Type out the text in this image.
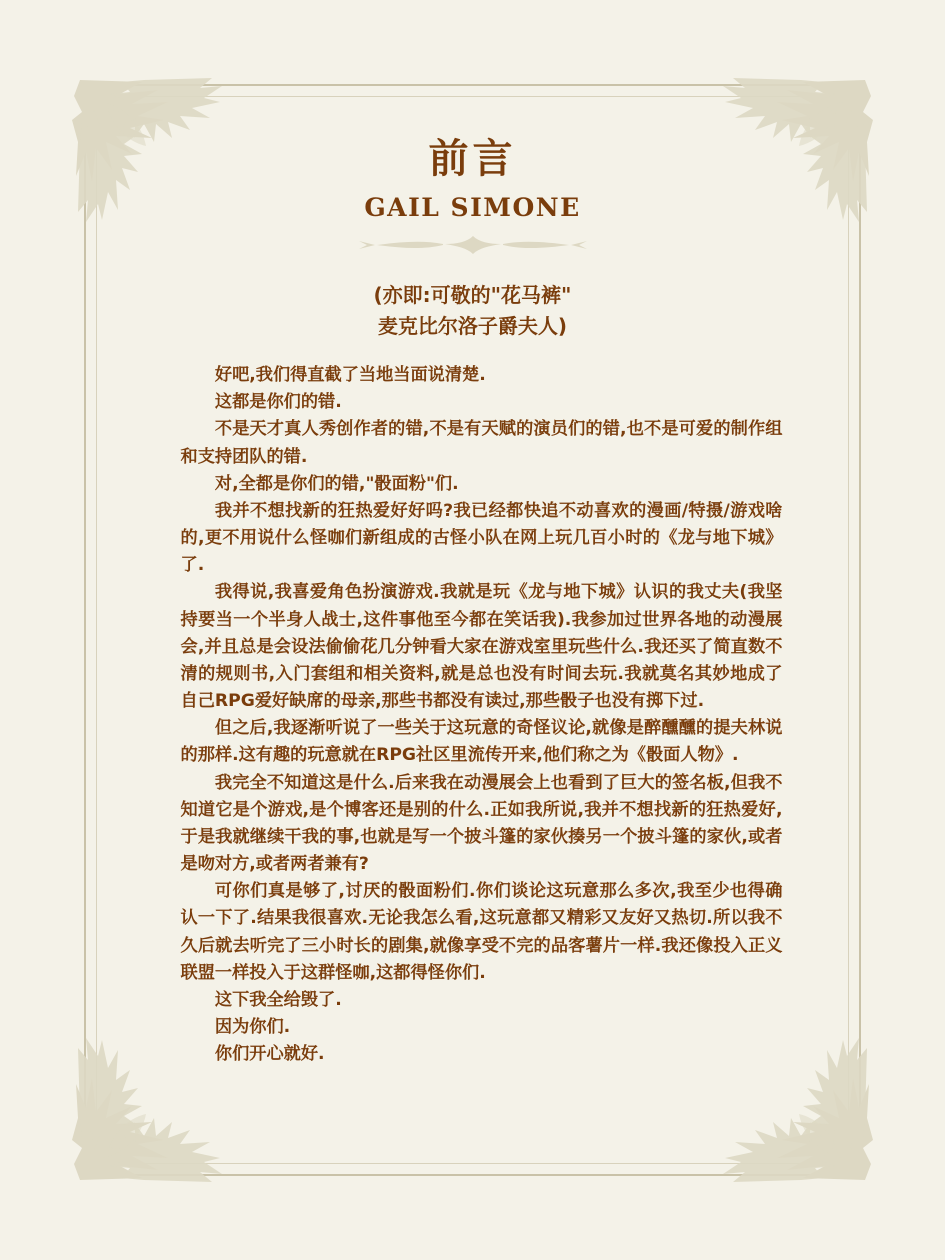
前言
GAIL SIMONE
(亦即:可敬的"花马裤"
麦克比尔洛子爵夫人)

好吧,我们得直截了当地当面说清楚.

这都是你们的错.

不是天才真人秀创作者的错,不是有天赋的演员们的错,也不是可爱的制作组和支持团队的错.

对,全都是你们的错,"骰面粉"们.

我并不想找新的狂热爱好好吗?我已经都快追不动喜欢的漫画/特摄/游戏啥的,更不用说什么怪咖们新组成的古怪小队在网上玩几百小时的《龙与地下城》了.

我得说,我喜爱角色扮演游戏.我就是玩《龙与地下城》认识的我丈夫(我坚持要当一个半身人战士,这件事他至今都在笑话我).我参加过世界各地的动漫展会,并且总是会设法偷偷花几分钟看大家在游戏室里玩些什么.我还买了简直数不清的规则书,入门套组和相关资料,就是总也没有时间去玩.我就莫名其妙地成了自己RPG爱好缺席的母亲,那些书都没有读过,那些骰子也没有掷下过.

但之后,我逐渐听说了一些关于这玩意的奇怪议论,就像是醉醺醺的提夫林说的那样.这有趣的玩意就在RPG社区里流传开来,他们称之为《骰面人物》.

我完全不知道这是什么.后来我在动漫展会上也看到了巨大的签名板,但我不知道它是个游戏,是个博客还是别的什么.正如我所说,我并不想找新的狂热爱好,于是我就继续干我的事,也就是写一个披斗篷的家伙揍另一个披斗篷的家伙,或者是吻对方,或者两者兼有?

可你们真是够了,讨厌的骰面粉们.你们谈论这玩意那么多次,我至少也得确认一下了.结果我很喜欢.无论我怎么看,这玩意都又精彩又友好又热切.所以我不久后就去听完了三小时长的剧集,就像享受不完的品客薯片一样.我还像投入正义联盟一样投入于这群怪咖,这都得怪你们.

这下我全给毁了.

因为你们.

你们开心就好.
